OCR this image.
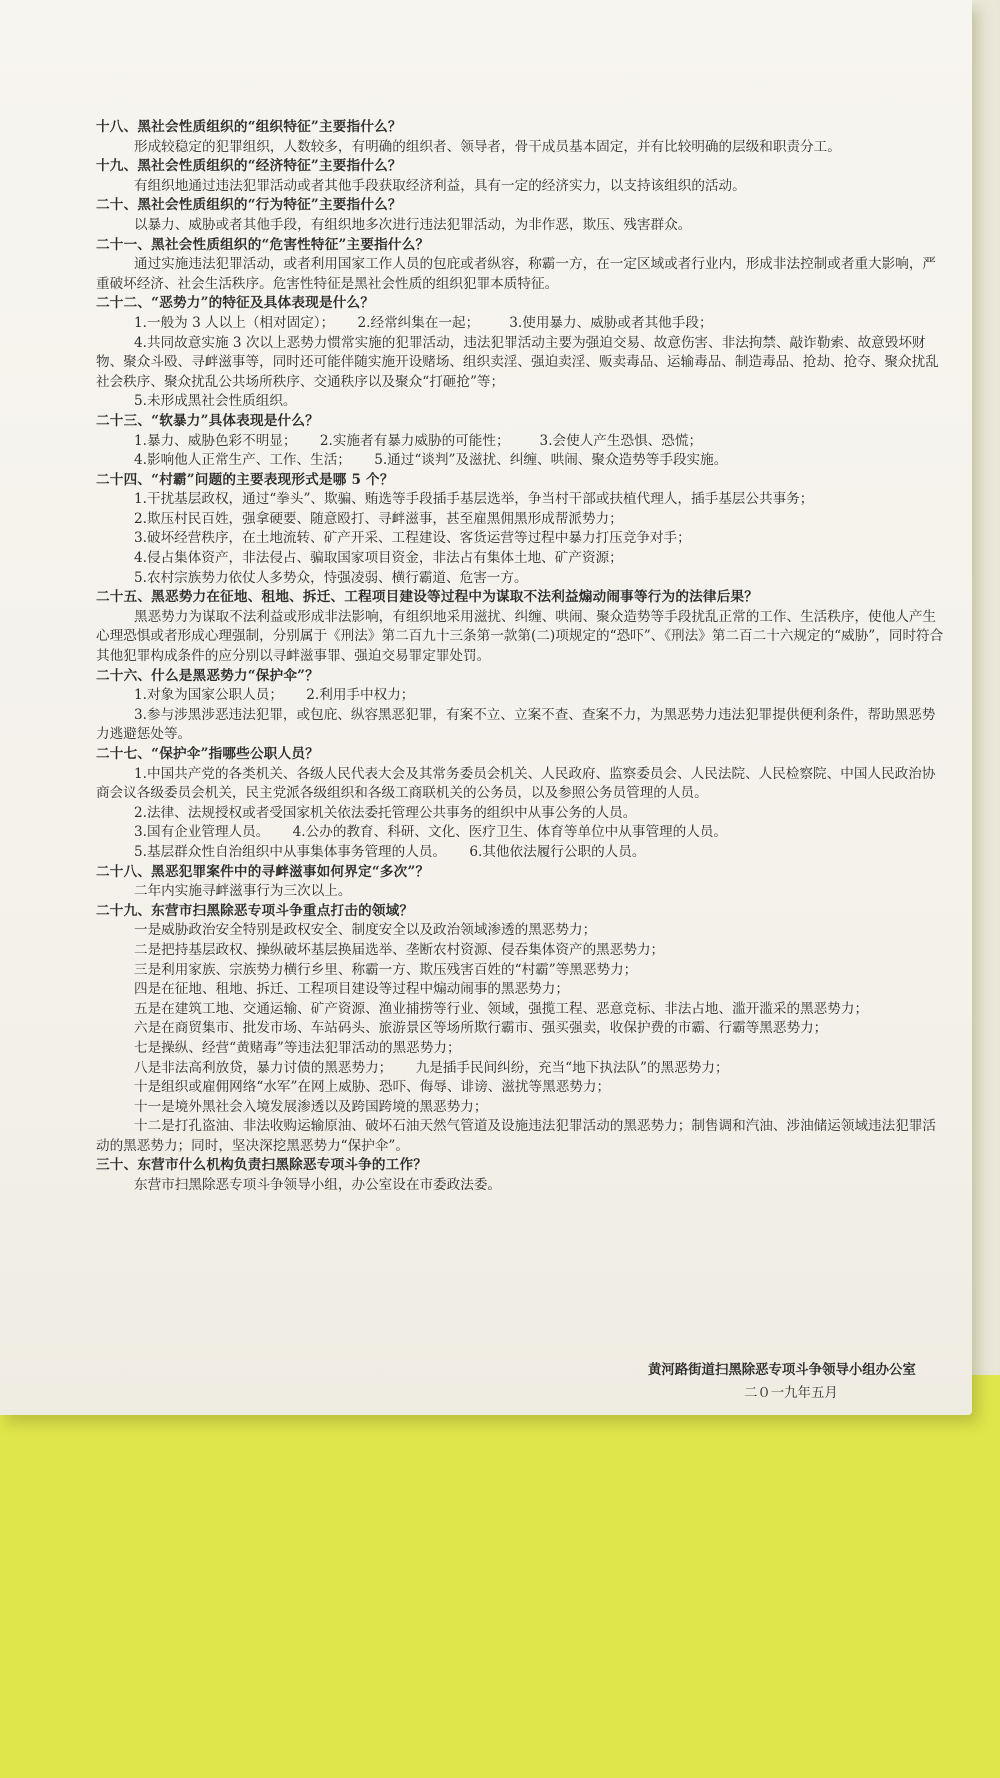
十八、黑社会性质组织的“组织特征”主要指什么？
形成较稳定的犯罪组织，人数较多，有明确的组织者、领导者，骨干成员基本固定，并有比较明确的层级和职责分工。
十九、黑社会性质组织的“经济特征”主要指什么？
有组织地通过违法犯罪活动或者其他手段获取经济利益，具有一定的经济实力，以支持该组织的活动。
二十、黑社会性质组织的“行为特征”主要指什么？
以暴力、威胁或者其他手段，有组织地多次进行违法犯罪活动，为非作恶，欺压、残害群众。
二十一、黑社会性质组织的“危害性特征”主要指什么？
通过实施违法犯罪活动，或者利用国家工作人员的包庇或者纵容，称霸一方，在一定区域或者行业内，形成非法控制或者重大影响，严重破坏经济、社会生活秩序。危害性特征是黑社会性质的组织犯罪本质特征。
二十二、“恶势力”的特征及具体表现是什么？
1.一般为 3 人以上（相对固定）； 2.经常纠集在一起； 3.使用暴力、威胁或者其他手段；
4.共同故意实施 3 次以上恶势力惯常实施的犯罪活动，违法犯罪活动主要为强迫交易、故意伤害、非法拘禁、敲诈勒索、故意毁坏财物、聚众斗殴、寻衅滋事等，同时还可能伴随实施开设赌场、组织卖淫、强迫卖淫、贩卖毒品、运输毒品、制造毒品、抢劫、抢夺、聚众扰乱社会秩序、聚众扰乱公共场所秩序、交通秩序以及聚众“打砸抢”等；
5.未形成黑社会性质组织。
二十三、“软暴力”具体表现是什么？
1.暴力、威胁色彩不明显； 2.实施者有暴力威胁的可能性； 3.会使人产生恐惧、恐慌；
4.影响他人正常生产、工作、生活； 5.通过“谈判”及滋扰、纠缠、哄闹、聚众造势等手段实施。
二十四、“村霸”问题的主要表现形式是哪 5 个？
1.干扰基层政权，通过“拳头”、欺骗、贿选等手段插手基层选举，争当村干部或扶植代理人，插手基层公共事务；
2.欺压村民百姓，强拿硬要、随意殴打、寻衅滋事，甚至雇黑佣黑形成帮派势力；
3.破坏经营秩序，在土地流转、矿产开采、工程建设、客货运营等过程中暴力打压竞争对手；
4.侵占集体资产，非法侵占、骗取国家项目资金，非法占有集体土地、矿产资源；
5.农村宗族势力依仗人多势众，恃强凌弱、横行霸道、危害一方。
二十五、黑恶势力在征地、租地、拆迁、工程项目建设等过程中为谋取不法利益煽动闹事等行为的法律后果？
黑恶势力为谋取不法利益或形成非法影响，有组织地采用滋扰、纠缠、哄闹、聚众造势等手段扰乱正常的工作、生活秩序，使他人产生心理恐惧或者形成心理强制，分别属于《刑法》第二百九十三条第一款第(二)项规定的“恐吓”、《刑法》第二百二十六规定的“威胁”，同时符合其他犯罪构成条件的应分别以寻衅滋事罪、强迫交易罪定罪处罚。
二十六、什么是黑恶势力“保护伞”？
1.对象为国家公职人员； 2.利用手中权力；
3.参与涉黑涉恶违法犯罪，或包庇、纵容黑恶犯罪，有案不立、立案不查、查案不力，为黑恶势力违法犯罪提供便利条件，帮助黑恶势力逃避惩处等。
二十七、“保护伞”指哪些公职人员？
1.中国共产党的各类机关、各级人民代表大会及其常务委员会机关、人民政府、监察委员会、人民法院、人民检察院、中国人民政治协商会议各级委员会机关，民主党派各级组织和各级工商联机关的公务员，以及参照公务员管理的人员。
2.法律、法规授权或者受国家机关依法委托管理公共事务的组织中从事公务的人员。
3.国有企业管理人员。 4.公办的教育、科研、文化、医疗卫生、体育等单位中从事管理的人员。
5.基层群众性自治组织中从事集体事务管理的人员。 6.其他依法履行公职的人员。
二十八、黑恶犯罪案件中的寻衅滋事如何界定“多次”？
二年内实施寻衅滋事行为三次以上。
二十九、东营市扫黑除恶专项斗争重点打击的领域？
一是威胁政治安全特别是政权安全、制度安全以及政治领域渗透的黑恶势力；
二是把持基层政权、操纵破坏基层换届选举、垄断农村资源、侵吞集体资产的黑恶势力；
三是利用家族、宗族势力横行乡里、称霸一方、欺压残害百姓的“村霸”等黑恶势力；
四是在征地、租地、拆迁、工程项目建设等过程中煽动闹事的黑恶势力；
五是在建筑工地、交通运输、矿产资源、渔业捕捞等行业、领域，强揽工程、恶意竞标、非法占地、滥开滥采的黑恶势力；
六是在商贸集市、批发市场、车站码头、旅游景区等场所欺行霸市、强买强卖，收保护费的市霸、行霸等黑恶势力；
七是操纵、经营“黄赌毒”等违法犯罪活动的黑恶势力；
八是非法高利放贷，暴力讨债的黑恶势力； 九是插手民间纠纷，充当“地下执法队”的黑恶势力；
十是组织或雇佣网络“水军”在网上威胁、恐吓、侮辱、诽谤、滋扰等黑恶势力；
十一是境外黑社会入境发展渗透以及跨国跨境的黑恶势力；
十二是打孔盗油、非法收购运输原油、破坏石油天然气管道及设施违法犯罪活动的黑恶势力；制售调和汽油、涉油储运领域违法犯罪活动的黑恶势力；同时，坚决深挖黑恶势力“保护伞”。
三十、东营市什么机构负责扫黑除恶专项斗争的工作？
东营市扫黑除恶专项斗争领导小组，办公室设在市委政法委。
黄河路街道扫黑除恶专项斗争领导小组办公室
二０一九年五月
